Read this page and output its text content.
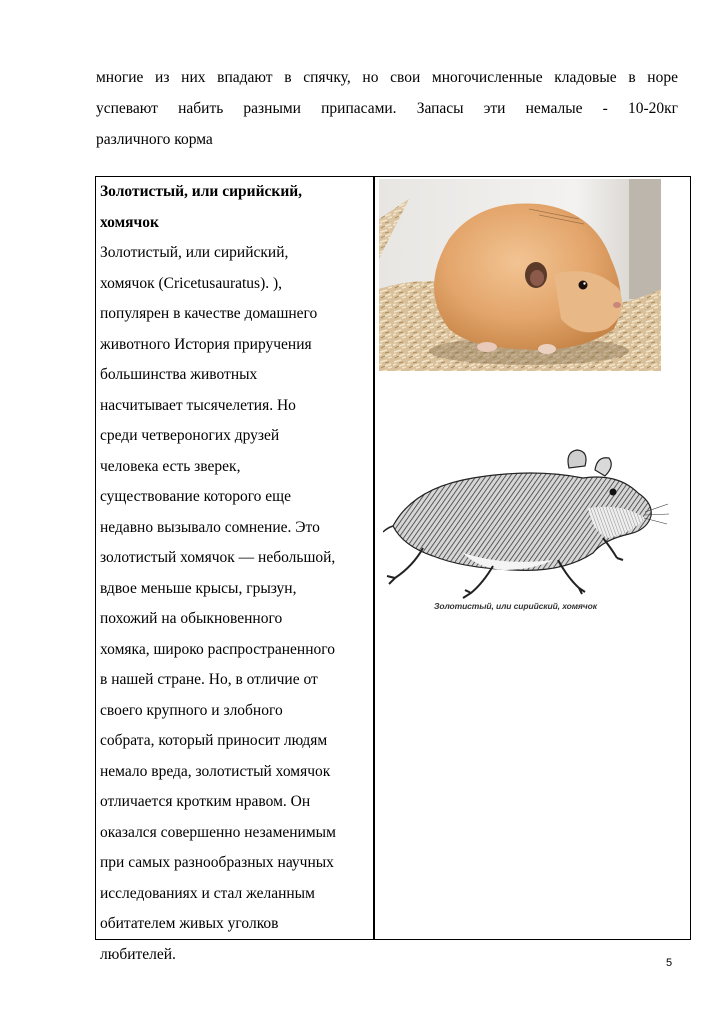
многие из них впадают в спячку, но свои многочисленные кладовые в норе
успевают набить разными припасами. Запасы эти немалые - 10-20кг
различного корма
Золотистый, или сирийский,
хомячок
Золотистый, или сирийский,
хомячок (Cricetusauratus). ),
популярен в качестве домашнего
животного История приручения
большинства животных
насчитывает тысячелетия. Но
среди четвероногих друзей
человека есть зверек,
существование которого еще
недавно вызывало сомнение. Это
золотистый хомячок — небольшой,
вдвое меньше крысы, грызун,
похожий на обыкновенного
хомяка, широко распространенного
в нашей стране. Но, в отличие от
своего крупного и злобного
собрата, который приносит людям
немало вреда, золотистый хомячок
отличается кротким нравом. Он
оказался совершенно незаменимым
при самых разнообразных научных
исследованиях и стал желанным
обитателем живых уголков
любителей.
Золотистый, или сирийский, хомячок
5
